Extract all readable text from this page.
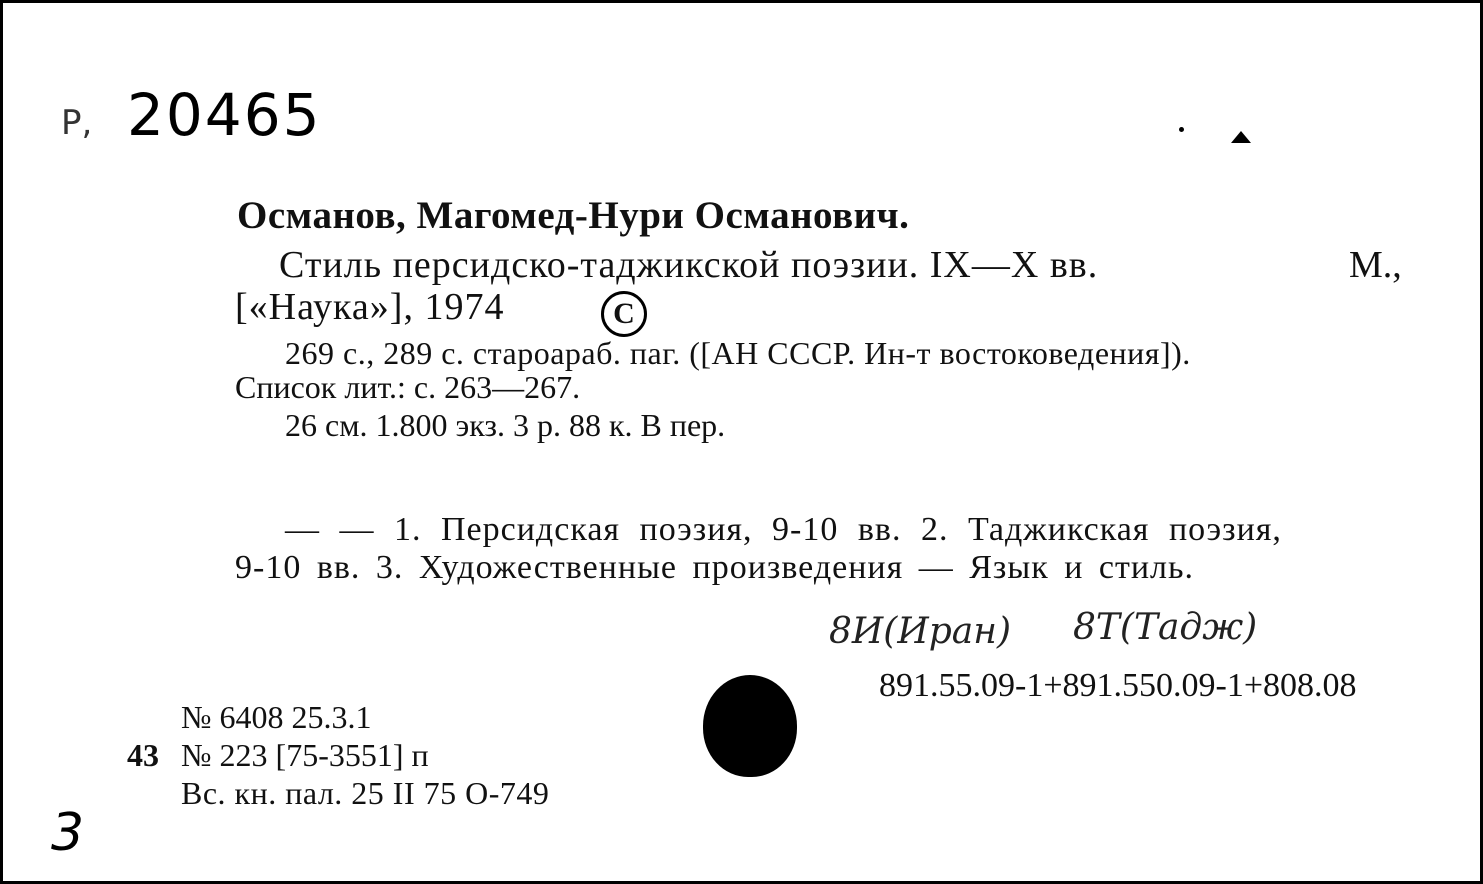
Р, 20465
Османов, Магомед-Нури Османович.
Стиль персидско-таджикской поэзии. IX—X вв.	М.,
[«Наука»], 1974	C
269 с., 289 с. староараб. паг. ([АН СССР. Ин-т востоковедения]).
Список лит.: с. 263—267.
26 см. 1.800 экз. 3 р. 88 к. В пер.
— — 1. Персидская поэзия, 9-10 вв. 2. Таджикская поэзия,
9-10 вв. 3. Художественные произведения — Язык и стиль.
8И(Иран) 8Т(Тадж)
891.55.09-1+891.550.09-1+808.08
№ 6408 25.3.1
43 № 223 [75-3551] п
Вс. кн. пал. 25 II 75 О-749
3
